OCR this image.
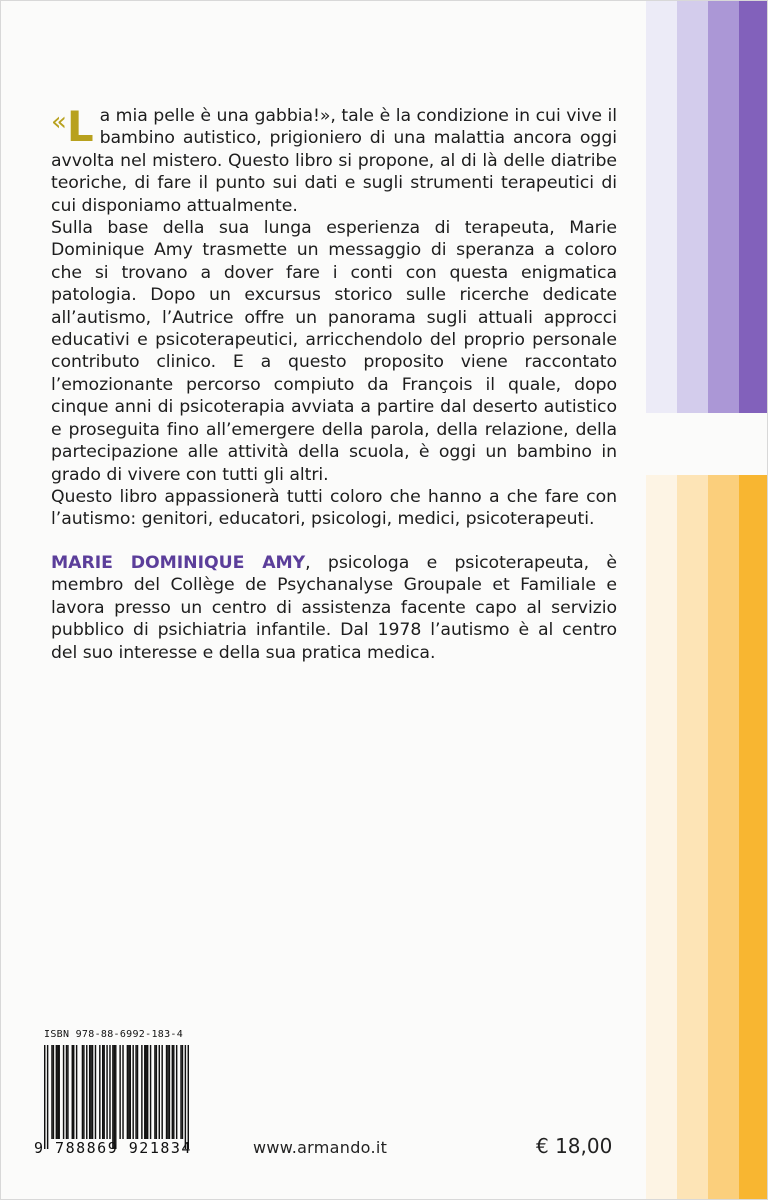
«L a mia pelle è una gabbia!», tale è la condizione in cui vive il bambino autistico, prigioniero di una malattia ancora oggi avvolta nel mistero. Questo libro si propone, al di là delle diatribe teoriche, di fare il punto sui dati e sugli strumenti terapeutici di cui disponiamo attualmente.

Sulla base della sua lunga esperienza di terapeuta, Marie Dominique Amy trasmette un messaggio di speranza a coloro che si trovano a dover fare i conti con questa enigmatica patologia. Dopo un excursus storico sulle ricerche dedicate all’autismo, l’Autrice offre un panorama sugli attuali approcci educativi e psicoterapeutici, arricchendolo del proprio personale contributo clinico. E a questo proposito viene raccontato l’emozionante percorso compiuto da François il quale, dopo cinque anni di psicoterapia avviata a partire dal deserto autistico e proseguita fino all’emergere della parola, della relazione, della partecipazione alle attività della scuola, è oggi un bambino in grado di vivere con tutti gli altri.

Questo libro appassionerà tutti coloro che hanno a che fare con l’autismo: genitori, educatori, psicologi, medici, psicoterapeuti.

MARIE DOMINIQUE AMY, psicologa e psicoterapeuta, è membro del Collège de Psychanalyse Groupale et Familiale e lavora presso un centro di assistenza facente capo al servizio pubblico di psichiatria infantile. Dal 1978 l’autismo è al centro del suo interesse e della sua pratica medica.

ISBN 978-88-6992-183-4
9 788869 921834	www.armando.it	€ 18,00
